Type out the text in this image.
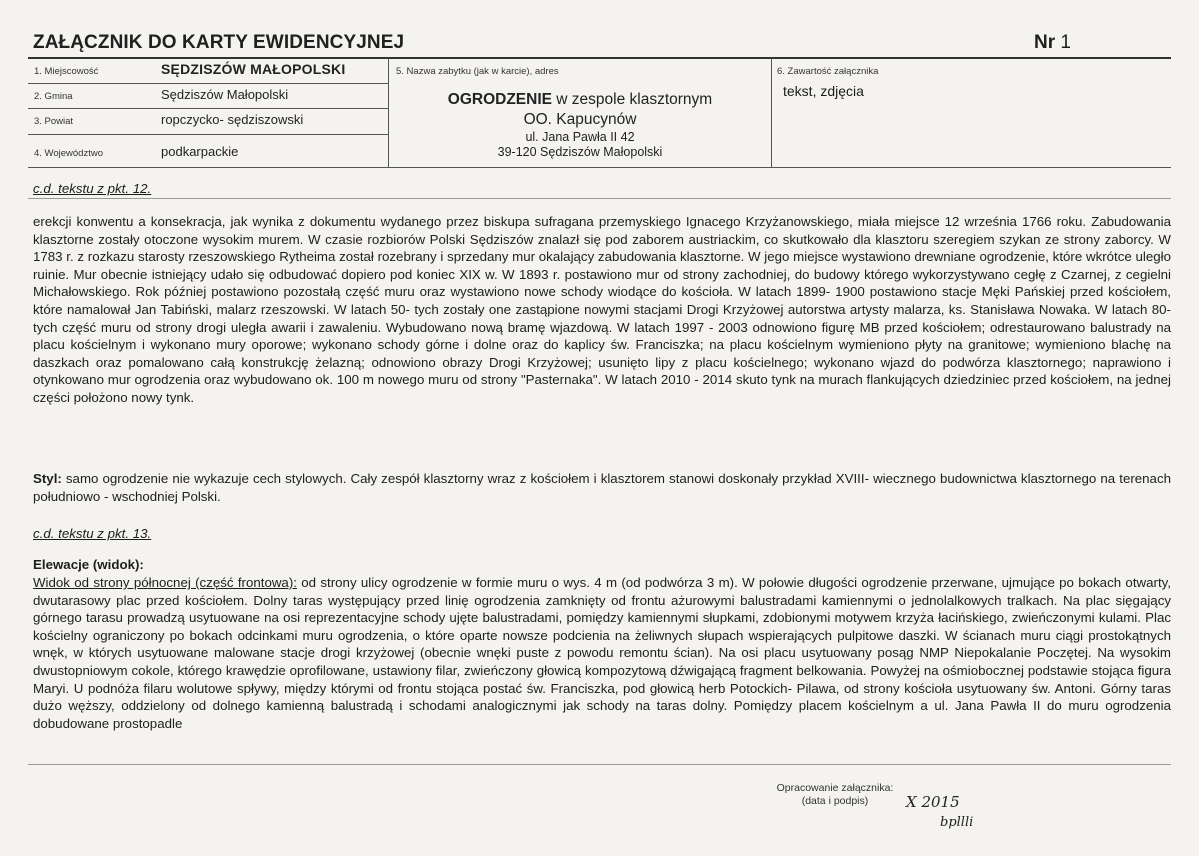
ZAŁĄCZNIK DO KARTY EWIDENCYJNEJ	Nr 1
1. Miejscowość	SĘDZISZÓW MAŁOPOLSKI
2. Gmina	Sędziszów Małopolski
3. Powiat	ropczycko- sędziszowski
4. Województwo	podkarpackie
5. Nazwa zabytku (jak w karcie), adres
OGRODZENIE w zespole klasztornym
OO. Kapucynów
ul. Jana Pawła II 42
39-120 Sędziszów Małopolski
6. Zawartość załącznika
tekst, zdjęcia
c.d. tekstu z pkt. 12.
erekcji konwentu a konsekracja, jak wynika z dokumentu wydanego przez biskupa sufragana przemyskiego Ignacego Krzyżanowskiego, miała miejsce 12 września 1766 roku. Zabudowania klasztorne zostały otoczone wysokim murem. W czasie rozbiorów Polski Sędziszów znalazł się pod zaborem austriackim, co skutkowało dla klasztoru szeregiem szykan ze strony zaborcy. W 1783 r. z rozkazu starosty rzeszowskiego Rytheima został rozebrany i sprzedany mur okalający zabudowania klasztorne. W jego miejsce wystawiono drewniane ogrodzenie, które wkrótce uległo ruinie. Mur obecnie istniejący udało się odbudować dopiero pod koniec XIX w. W 1893 r. postawiono mur od strony zachodniej, do budowy którego wykorzystywano cegłę z Czarnej, z cegielni Michałowskiego. Rok później postawiono pozostałą część muru oraz wystawiono nowe schody wiodące do kościoła. W latach 1899- 1900 postawiono stacje Męki Pańskiej przed kościołem, które namalował Jan Tabiński, malarz rzeszowski. W latach 50- tych zostały one zastąpione nowymi stacjami Drogi Krzyżowej autorstwa artysty malarza, ks. Stanisława Nowaka. W latach 80- tych część muru od strony drogi uległa awarii i zawaleniu. Wybudowano nową bramę wjazdową. W latach 1997 - 2003 odnowiono figurę MB przed kościołem; odrestaurowano balustrady na placu kościelnym i wykonano mury oporowe; wykonano schody górne i dolne oraz do kaplicy św. Franciszka; na placu kościelnym wymieniono płyty na granitowe; wymieniono blachę na daszkach oraz pomalowano całą konstrukcję żelazną; odnowiono obrazy Drogi Krzyżowej; usunięto lipy z placu kościelnego; wykonano wjazd do podwórza klasztornego; naprawiono i otynkowano mur ogrodzenia oraz wybudowano ok. 100 m nowego muru od strony "Pasternaka". W latach 2010 - 2014 skuto tynk na murach flankujących dziedziniec przed kościołem, na jednej części położono nowy tynk.
Styl: samo ogrodzenie nie wykazuje cech stylowych. Cały zespół klasztorny wraz z kościołem i klasztorem stanowi doskonały przykład XVIII- wiecznego budownictwa klasztornego na terenach południowo - wschodniej Polski.
c.d. tekstu z pkt. 13.
Elewacje (widok):
Widok od strony północnej (część frontowa): od strony ulicy ogrodzenie w formie muru o wys. 4 m (od podwórza 3 m). W połowie długości ogrodzenie przerwane, ujmujące po bokach otwarty, dwutarasowy plac przed kościołem. Dolny taras występujący przed linię ogrodzenia zamknięty od frontu ażurowymi balustradami kamiennymi o jednolalkowych tralkach. Na plac sięgający górnego tarasu prowadzą usytuowane na osi reprezentacyjne schody ujęte balustradami, pomiędzy kamiennymi słupkami, zdobionymi motywem krzyża łacińskiego, zwieńczonymi kulami. Plac kościelny ograniczony po bokach odcinkami muru ogrodzenia, o które oparte nowsze podcienia na żeliwnych słupach wspierających pulpitowe daszki. W ścianach muru ciągi prostokątnych wnęk, w których usytuowane malowane stacje drogi krzyżowej (obecnie wnęki puste z powodu remontu ścian). Na osi placu usytuowany posąg NMP Niepokalanie Poczętej. Na wysokim dwustopniowym cokole, którego krawędzie oprofilowane, ustawiony filar, zwieńczony głowicą kompozytową dźwigającą fragment belkowania. Powyżej na ośmiobocznej podstawie stojąca figura Maryi. U podnóża filaru wolutowe spływy, między którymi od frontu stojąca postać św. Franciszka, pod głowicą herb Potockich- Pilawa, od strony kościoła usytuowany św. Antoni. Górny taras dużo węższy, oddzielony od dolnego kamienną balustradą i schodami analogicznymi jak schody na taras dolny. Pomiędzy placem kościelnym a ul. Jana Pawła II do muru ogrodzenia dobudowane prostopadle
Opracowanie załącznika:
(data i podpis)	X 2015
bpllli
